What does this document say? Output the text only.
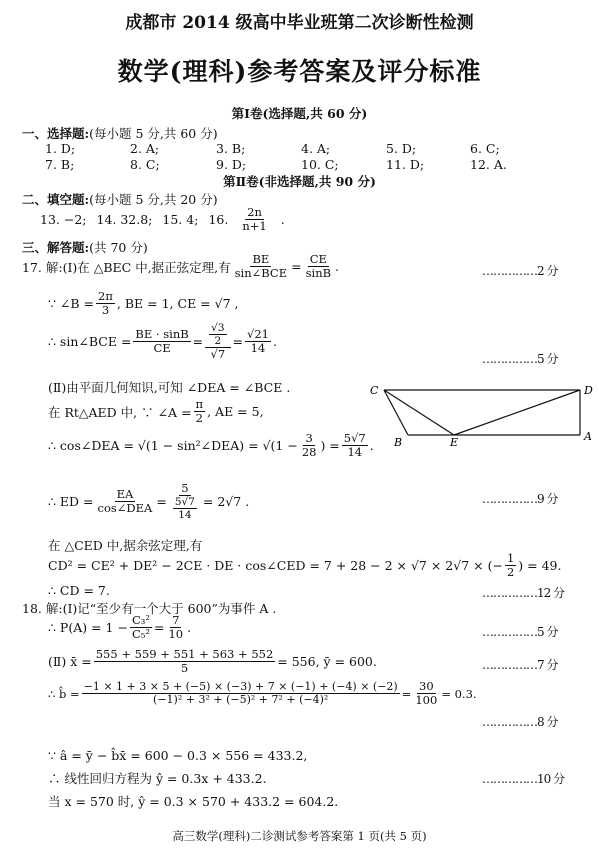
成都市 2014 级高中毕业班第二次诊断性检测
数学(理科)参考答案及评分标准
第Ⅰ卷(选择题,共 60 分)
一、选择题:(每小题 5 分,共 60 分)
1. D;	2. A;	3. B;	4. A;	5. D;	6. C;
7. B;	8. C;	9. D;	10. C;	11. D;	12. A.
第Ⅱ卷(非选择题,共 90 分)
二、填空题:(每小题 5 分,共 20 分)
13. −2; 14. 32.8; 15. 4; 16. $\frac{2n}{n+1}$ .
三、解答题:(共 70 分)
17. 解:(Ⅰ)在 △BEC 中,据正弦定理,有 $\frac{BE}{\text{sin∠BCE}} = \frac{CE}{\sin B}$ .	……………2 分
∵ ∠B = $\frac{2\pi}{3}$ , BE = 1, CE = √7 ,
∴ sin∠BCE = $\frac{BE \cdot \sin B}{CE} = \frac{\frac{√3}{2}}{√7} = \frac{√21}{14}$ .
……………5 分
(Ⅱ)由平面几何知识,可知 ∠DEA = ∠BCE .
在 Rt△AED 中, ∵ ∠A = $\frac{\pi}{2}$ , AE = 5,
∴ cos∠DEA = √(1 − sin²∠DEA) = $√(1 - \frac{3}{28}$ ) = $\frac{5√7}{14}$ .
∴ ED = $\frac{EA}{\text{cos∠DEA}} = \frac{5}{\frac{5√7}{14}} = 2√7$ .	……………9 分
在 △CED 中,据余弦定理,有
CD² = CE² + DE² − 2CE · DE · cos∠CED = 7 + 28 − 2 × √7 × 2√7 × (− $\frac{1}{2}$ ) = 49.
∴ CD = 7.	……………12 分
C	D
B	E	A
18. 解:(Ⅰ)记“至少有一个大于 600”为事件 A .
∴ $P(A) = 1 - \frac{\text{C₃²}}{\text{C₅²}} = \frac{7}{10}$ .	……………5 分
(Ⅱ) x̄ = $\frac{555 + 559 + 551 + 563 + 552}{5} = 556$, ȳ = 600.	……………7 分
∴ b̂ = $\frac{-1 \times 1 + 3 \times 5 + (-5) \times (-3) + 7 \times (-1) + (-4) \times (-2)}{\text{(−1)² + 3² + (−5)² + 7² + (−4)²}} = \frac{30}{100} = 0.3$.
……………8 分
∵ â = ȳ − b̂x̄ = 600 − 0.3 × 556 = 433.2,
∴ 线性回归方程为 ŷ = 0.3x + 433.2.	……………10 分
当 x = 570 时, ŷ = 0.3 × 570 + 433.2 = 604.2.
高三数学(理科)二诊测试参考答案第 1 页(共 5 页)
